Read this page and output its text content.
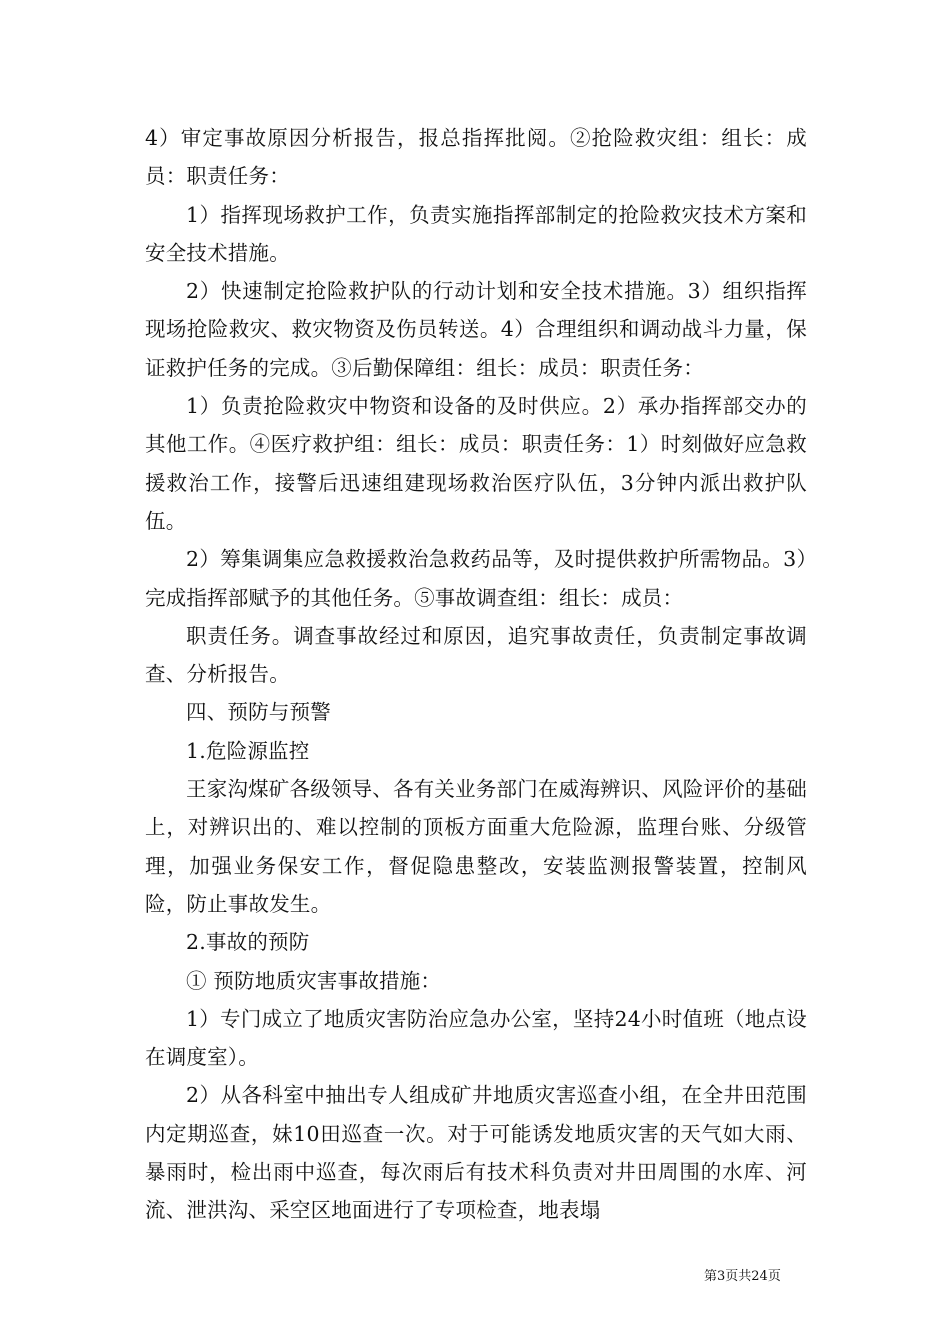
4）审定事故原因分析报告，报总指挥批阅。②抢险救灾组：组长：成员：职责任务：

1）指挥现场救护工作，负责实施指挥部制定的抢险救灾技术方案和安全技术措施。

2）快速制定抢险救护队的行动计划和安全技术措施。3）组织指挥现场抢险救灾、救灾物资及伤员转送。4）合理组织和调动战斗力量，保证救护任务的完成。③后勤保障组：组长：成员：职责任务：

1）负责抢险救灾中物资和设备的及时供应。2）承办指挥部交办的其他工作。④医疗救护组：组长：成员：职责任务：1）时刻做好应急救援救治工作，接警后迅速组建现场救治医疗队伍，3分钟内派出救护队伍。

2）筹集调集应急救援救治急救药品等，及时提供救护所需物品。3）完成指挥部赋予的其他任务。⑤事故调查组：组长：成员：

职责任务。调查事故经过和原因，追究事故责任，负责制定事故调查、分析报告。

四、预防与预警

1.危险源监控

王家沟煤矿各级领导、各有关业务部门在威海辨识、风险评价的基础上，对辨识出的、难以控制的顶板方面重大危险源，监理台账、分级管理，加强业务保安工作，督促隐患整改，安装监测报警装置，控制风险，防止事故发生。

2.事故的预防

① 预防地质灾害事故措施：

1）专门成立了地质灾害防治应急办公室，坚持24小时值班（地点设在调度室）。

2）从各科室中抽出专人组成矿井地质灾害巡查小组，在全井田范围内定期巡查，妹10田巡查一次。对于可能诱发地质灾害的天气如大雨、暴雨时，检出雨中巡查，每次雨后有技术科负责对井田周围的水库、河流、泄洪沟、采空区地面进行了专项检查，地表塌

第3页共24页
